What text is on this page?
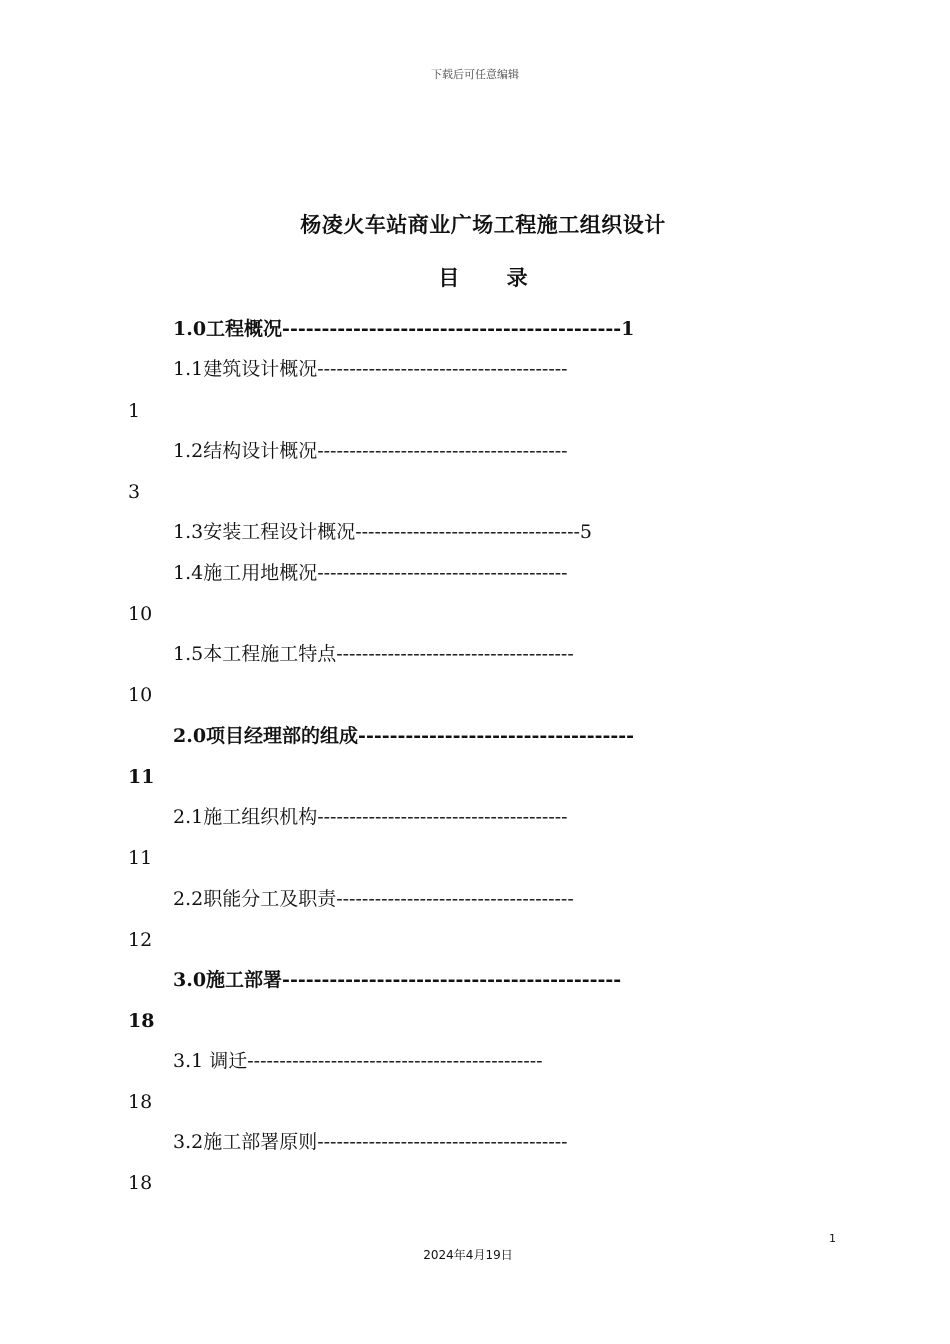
下载后可任意编辑
杨凌火车站商业广场工程施工组织设计
目 录
1.0工程概况-------------------------------------------1
1.1建筑设计概况---------------------------------------
1
1.2结构设计概况---------------------------------------
3
1.3安装工程设计概况-----------------------------------5
1.4施工用地概况---------------------------------------
10
1.5本工程施工特点-------------------------------------
10
2.0项目经理部的组成-----------------------------------
11
2.1施工组织机构---------------------------------------
11
2.2职能分工及职责-------------------------------------
12
3.0施工部署-------------------------------------------
18
3.1 调迁----------------------------------------------
18
3.2施工部署原则---------------------------------------
18
1
2024年4月19日
